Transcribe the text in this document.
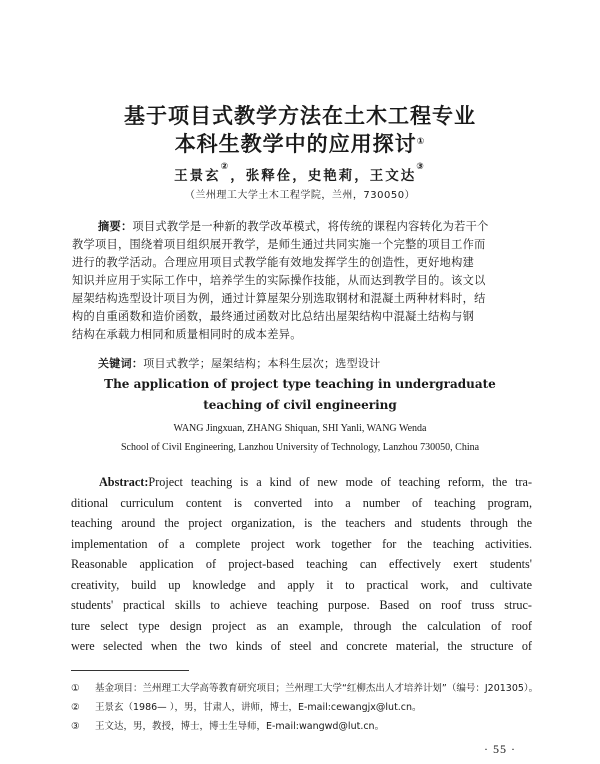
基于项目式教学方法在土木工程专业
本科生教学中的应用探讨①
王景玄②，张释佺，史艳莉，王文达③
（兰州理工大学土木工程学院，兰州，730050）
摘要：项目式教学是一种新的教学改革模式，将传统的课程内容转化为若干个
教学项目，围绕着项目组织展开教学，是师生通过共同实施一个完整的项目工作而
进行的教学活动。合理应用项目式教学能有效地发挥学生的创造性，更好地构建
知识并应用于实际工作中，培养学生的实际操作技能，从而达到教学目的。该文以
屋架结构选型设计项目为例，通过计算屋架分别选取钢材和混凝土两种材料时，结
构的自重函数和造价函数，最终通过函数对比总结出屋架结构中混凝土结构与钢
结构在承载力相同和质量相同时的成本差异。
关键词：项目式教学；屋架结构；本科生层次；选型设计
The application of project type teaching in undergraduate
teaching of civil engineering
WANG Jingxuan, ZHANG Shiquan, SHI Yanli, WANG Wenda
School of Civil Engineering, Lanzhou University of Technology, Lanzhou 730050, China
Abstract:Project teaching is a kind of new mode of teaching reform, the tra-
ditional curriculum content is converted into a number of teaching program,
teaching around the project organization, is the teachers and students through the
implementation of a complete project work together for the teaching activities.
Reasonable application of project-based teaching can effectively exert students'
creativity, build up knowledge and apply it to practical work, and cultivate
students' practical skills to achieve teaching purpose. Based on roof truss struc-
ture select type design project as an example, through the calculation of roof
were selected when the two kinds of steel and concrete material, the structure of
① 基金项目：兰州理工大学高等教育研究项目；兰州理工大学“红柳杰出人才培养计划”（编号：J201305）。
② 王景玄（1986— ），男，甘肃人，讲师，博士，E-mail:cewangjx@lut.cn。
③ 王文达，男，教授，博士，博士生导师，E-mail:wangwd@lut.cn。
· 55 ·
